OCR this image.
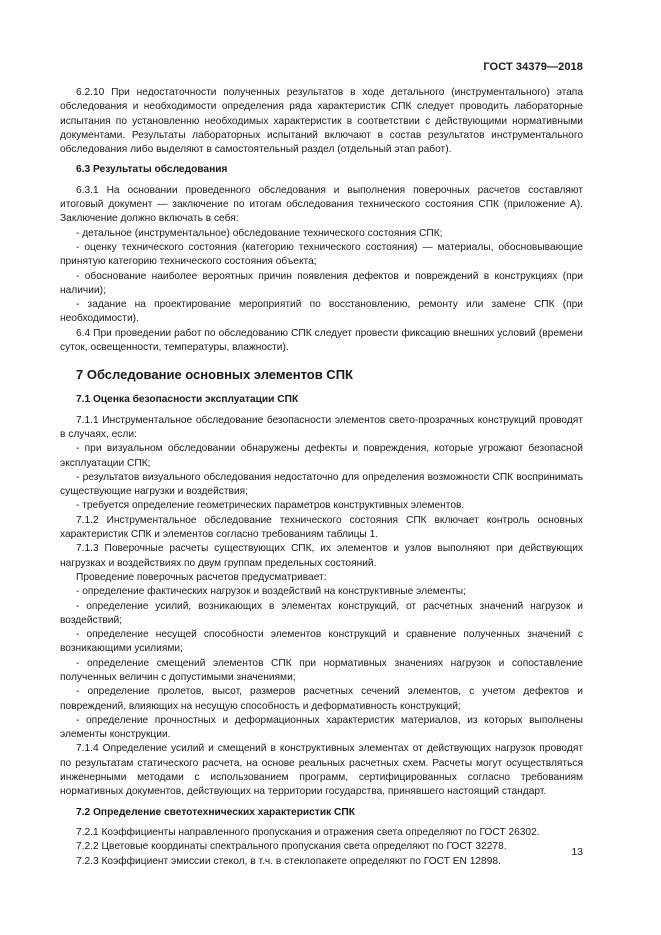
ГОСТ 34379—2018
6.2.10 При недостаточности полученных результатов в ходе детального (инструментального) этапа обследования и необходимости определения ряда характеристик СПК следует проводить лабораторные испытания по установленню необходимых характеристик в соответствии с действующими нормативными документами. Результаты лабораторных испытаний включают в состав результатов инструментального обследования либо выделяют в самостоятельный раздел (отдельный этап работ).
6.3 Результаты обследования
6.3.1 На основании проведенного обследования и выполнения поверочных расчетов составляют итоговый документ — заключение по итогам обследования технического состояния СПК (приложение А). Заключение должно включать в себя:
- детальное (инструментальное) обследование технического состояния СПК;
- оценку технического состояния (категорию технического состояния) — материалы, обосновывающие принятую категорию технического состояния объекта;
- обоснование наиболее вероятных причин появления дефектов и повреждений в конструкциях (при наличии);
- задание на проектирование мероприятий по восстановлению, ремонту или замене СПК (при необходимости).
6.4 При проведении работ по обследованию СПК следует провести фиксацию внешних условий (времени суток, освещенности, температуры, влажности).
7 Обследование основных элементов СПК
7.1 Оценка безопасности эксплуатации СПК
7.1.1 Инструментальное обследование безопасности элементов свето-прозрачных конструкций проводят в случаях, если:
- при визуальном обследовании обнаружены дефекты и повреждения, которые угрожают безопасной эксплуатации СПК;
- результатов визуального обследования недостаточно для определения возможности СПК воспринимать существующие нагрузки и воздействия;
- требуется определение геометрических параметров конструктивных элементов.
7.1.2 Инструментальное обследование технического состояния СПК включает контроль основных характеристик СПК и элементов согласно требованиям таблицы 1.
7.1.3 Поверочные расчеты существующих СПК, их элементов и узлов выполняют при действующих нагрузках и воздействиях по двум группам предельных состояний.
Проведение поверочных расчетов предусматривает:
- определение фактических нагрузок и воздействий на конструктивные элементы;
- определение усилий, возникающих в элементах конструкций, от расчетных значений нагрузок и воздействий;
- определение несущей способности элементов конструкций и сравнение полученных значений с возникающими усилиями;
- определение смещений элементов СПК при нормативных значениях нагрузок и сопоставление полученных величин с допустимыми значениями;
- определение пролетов, высот, размеров расчетных сечений элементов, с учетом дефектов и повреждений, влияющих на несущую способность и деформативность конструкций;
- определение прочностных и деформационных характеристик материалов, из которых выполнены элементы конструкции.
7.1.4 Определение усилий и смещений в конструктивных элементах от действующих нагрузок проводят по результатам статического расчета, на основе реальных расчетных схем. Расчеты могут осуществляться инженерными методами с использованием программ, сертифицированных согласно требованиям нормативных документов, действующих на территории государства, принявшего настоящий стандарт.
7.2 Определение светотехнических характеристик СПК
7.2.1 Коэффициенты направленного пропускания и отражения света определяют по ГОСТ 26302.
7.2.2 Цветовые координаты спектрального пропускания света определяют по ГОСТ 32278.
7.2.3 Коэффициент эмиссии стекол, в т.ч. в стеклопакете определяют по ГОСТ EN 12898.
13
